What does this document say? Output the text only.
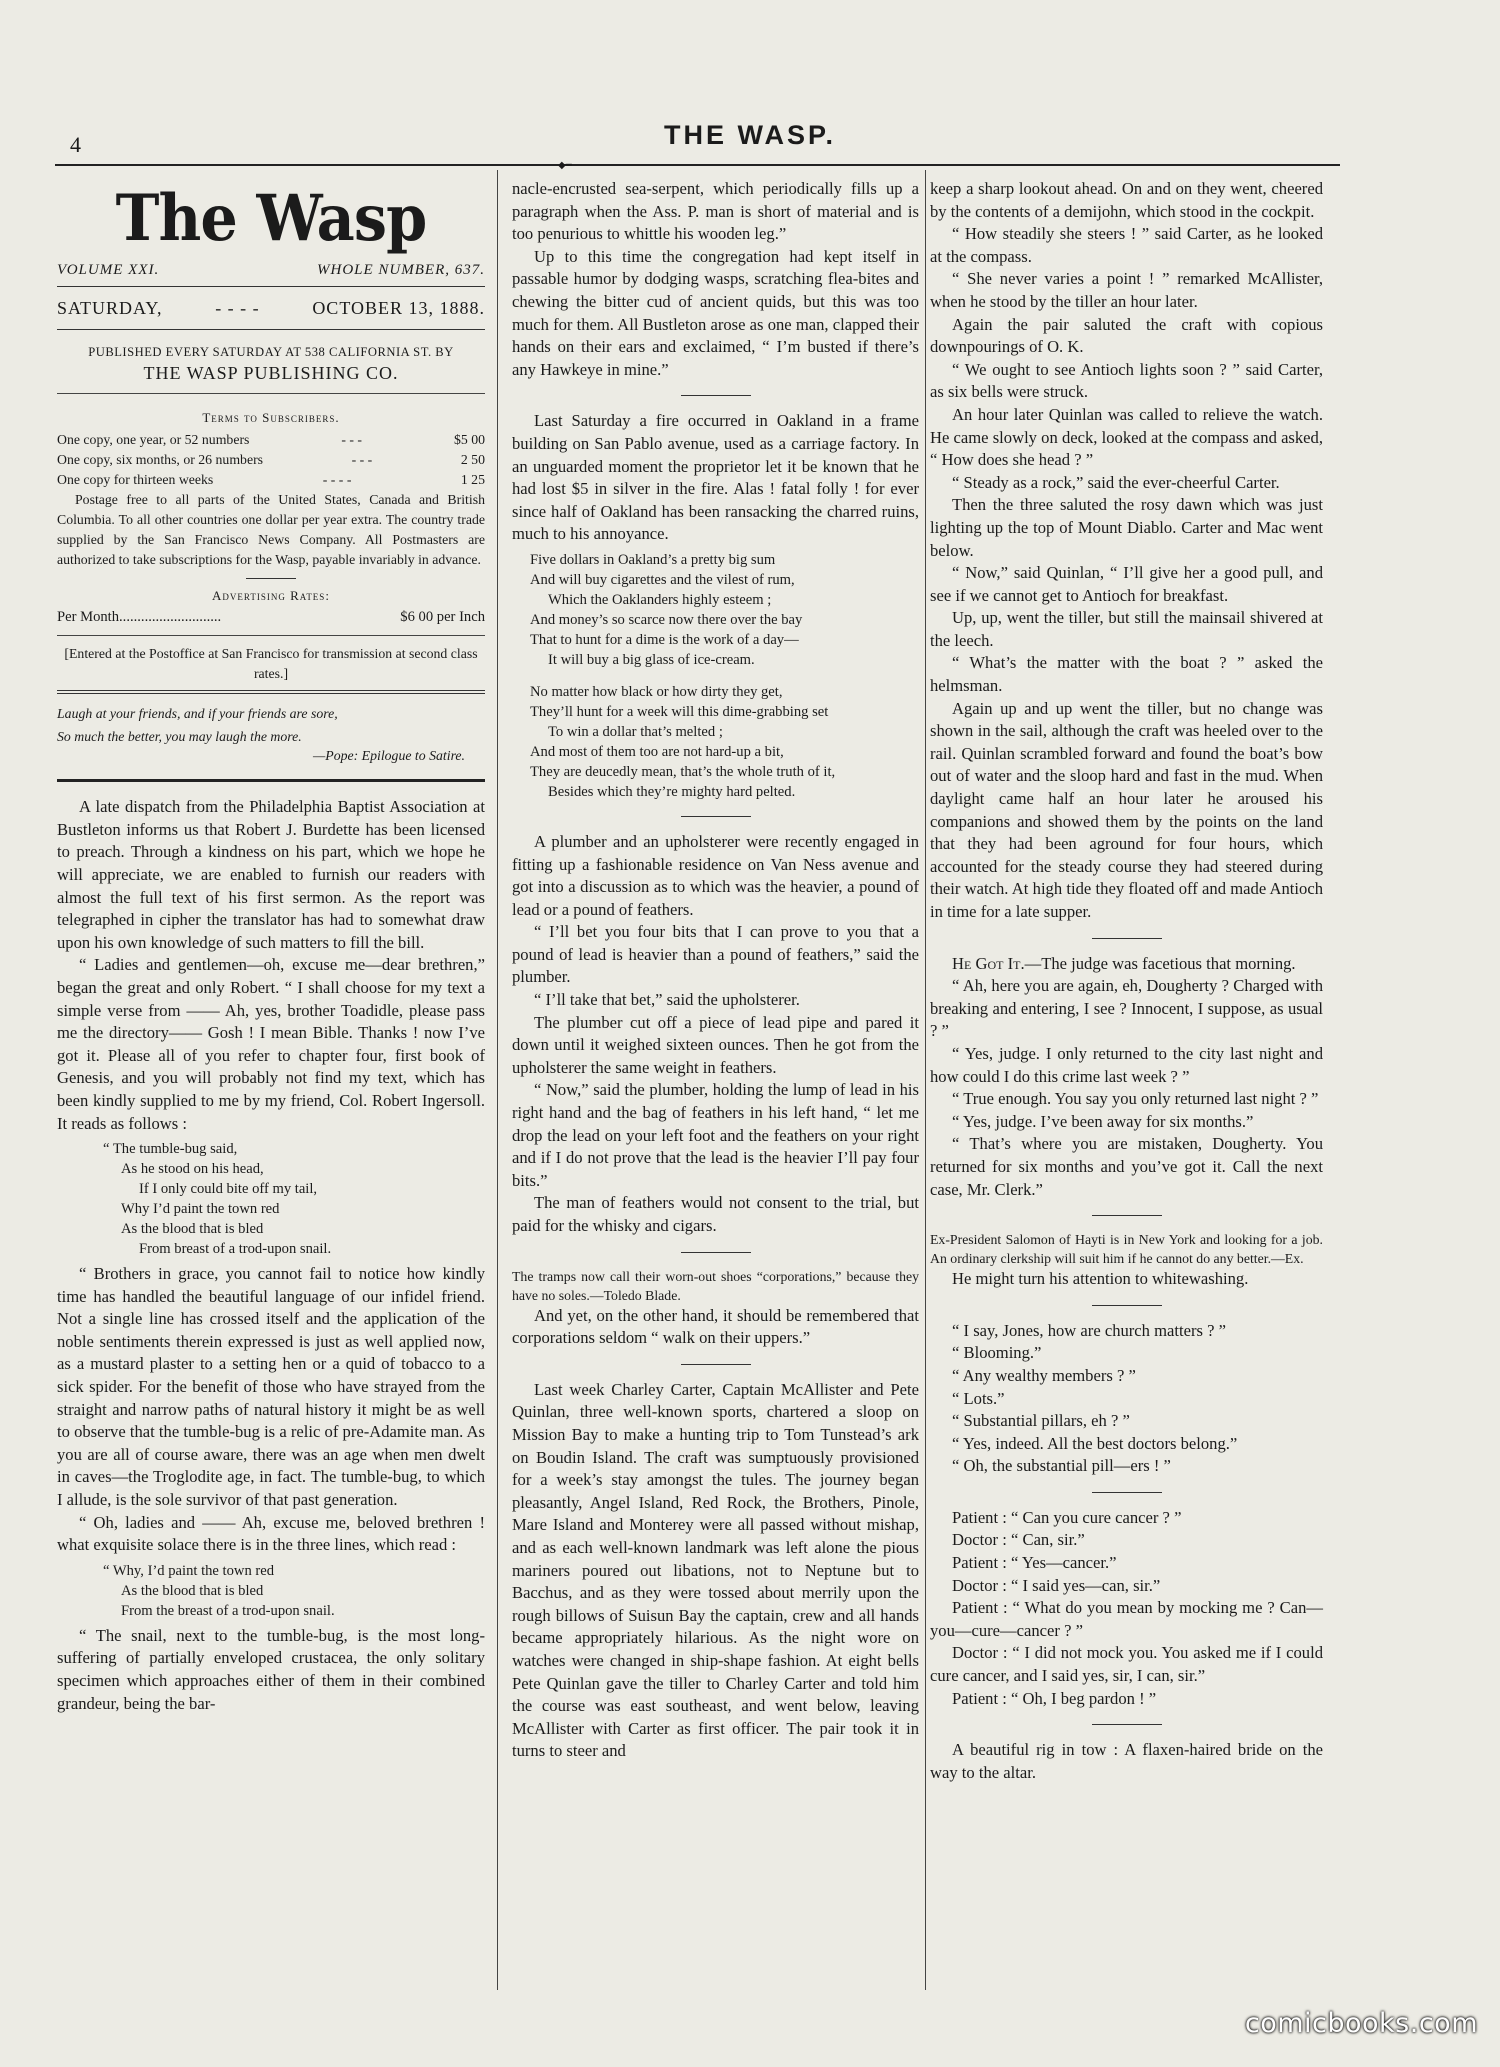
4	THE WASP.
◆━
The Wasp
VOLUME XXI.	WHOLE NUMBER, 637.
SATURDAY,	- - - -	OCTOBER 13, 1888.
PUBLISHED EVERY SATURDAY AT 538 CALIFORNIA ST. BY
THE WASP PUBLISHING CO.
Terms to Subscribers.
One copy, one year, or 52 numbers	- - -	$5 00
One copy, six months, or 26 numbers	- - -	2 50
One copy for thirteen weeks	- - - -	1 25
Postage free to all parts of the United States, Canada and British Columbia. To all other countries one dollar per year extra. The country trade supplied by the San Francisco News Company. All Postmasters are authorized to take subscriptions for the Wasp, payable invariably in advance.
Advertising Rates:
Per Month............................	$6 00 per Inch
[Entered at the Postoffice at San Francisco for transmission at second class rates.]
Laugh at your friends, and if your friends are sore,
So much the better, you may laugh the more.
—Pope: Epilogue to Satire.

A late dispatch from the Philadelphia Baptist Association at Bustleton informs us that Robert J. Burdette has been licensed to preach. Through a kindness on his part, which we hope he will appreciate, we are enabled to furnish our readers with almost the full text of his first sermon. As the report was telegraphed in cipher the translator has had to somewhat draw upon his own knowledge of such matters to fill the bill.

“ Ladies and gentlemen—oh, excuse me—dear brethren,” began the great and only Robert. “ I shall choose for my text a simple verse from —— Ah, yes, brother Toadidle, please pass me the directory—— Gosh ! I mean Bible. Thanks ! now I’ve got it. Please all of you refer to chapter four, first book of Genesis, and you will probably not find my text, which has been kindly supplied to me by my friend, Col. Robert Ingersoll. It reads as follows :

“ The tumble-bug said,
As he stood on his head,
If I only could bite off my tail,
Why I’d paint the town red
As the blood that is bled
From breast of a trod-upon snail.

“ Brothers in grace, you cannot fail to notice how kindly time has handled the beautiful language of our infidel friend. Not a single line has crossed itself and the application of the noble sentiments therein expressed is just as well applied now, as a mustard plaster to a setting hen or a quid of tobacco to a sick spider. For the benefit of those who have strayed from the straight and narrow paths of natural history it might be as well to observe that the tumble-bug is a relic of pre-Adamite man. As you are all of course aware, there was an age when men dwelt in caves—the Troglodite age, in fact. The tumble-bug, to which I allude, is the sole survivor of that past generation.

“ Oh, ladies and —— Ah, excuse me, beloved brethren ! what exquisite solace there is in the three lines, which read :

“ Why, I’d paint the town red
As the blood that is bled
From the breast of a trod-upon snail.

“ The snail, next to the tumble-bug, is the most long-suffering of partially enveloped crustacea, the only solitary specimen which approaches either of them in their combined grandeur, being the bar-

nacle-encrusted sea-serpent, which periodically fills up a paragraph when the Ass. P. man is short of material and is too penurious to whittle his wooden leg.”

Up to this time the congregation had kept itself in passable humor by dodging wasps, scratching flea-bites and chewing the bitter cud of ancient quids, but this was too much for them. All Bustleton arose as one man, clapped their hands on their ears and exclaimed, “ I’m busted if there’s any Hawkeye in mine.”

Last Saturday a fire occurred in Oakland in a frame building on San Pablo avenue, used as a carriage factory. In an unguarded moment the proprietor let it be known that he had lost $5 in silver in the fire. Alas ! fatal folly ! for ever since half of Oakland has been ransacking the charred ruins, much to his annoyance.

Five dollars in Oakland’s a pretty big sum
And will buy cigarettes and the vilest of rum,
Which the Oaklanders highly esteem ;
And money’s so scarce now there over the bay
That to hunt for a dime is the work of a day—
It will buy a big glass of ice-cream.
No matter how black or how dirty they get,
They’ll hunt for a week will this dime-grabbing set
To win a dollar that’s melted ;
And most of them too are not hard-up a bit,
They are deucedly mean, that’s the whole truth of it,
Besides which they’re mighty hard pelted.

A plumber and an upholsterer were recently engaged in fitting up a fashionable residence on Van Ness avenue and got into a discussion as to which was the heavier, a pound of lead or a pound of feathers.

“ I’ll bet you four bits that I can prove to you that a pound of lead is heavier than a pound of feathers,” said the plumber.

“ I’ll take that bet,” said the upholsterer.

The plumber cut off a piece of lead pipe and pared it down until it weighed sixteen ounces. Then he got from the upholsterer the same weight in feathers.

“ Now,” said the plumber, holding the lump of lead in his right hand and the bag of feathers in his left hand, “ let me drop the lead on your left foot and the feathers on your right and if I do not prove that the lead is the heavier I’ll pay four bits.”

The man of feathers would not consent to the trial, but paid for the whisky and cigars.

The tramps now call their worn-out shoes “corporations,” because they have no soles.—Toledo Blade.

And yet, on the other hand, it should be remembered that corporations seldom “ walk on their uppers.”

Last week Charley Carter, Captain McAllister and Pete Quinlan, three well-known sports, chartered a sloop on Mission Bay to make a hunting trip to Tom Tunstead’s ark on Boudin Island. The craft was sumptuously provisioned for a week’s stay amongst the tules. The journey began pleasantly, Angel Island, Red Rock, the Brothers, Pinole, Mare Island and Monterey were all passed without mishap, and as each well-known landmark was left alone the pious mariners poured out libations, not to Neptune but to Bacchus, and as they were tossed about merrily upon the rough billows of Suisun Bay the captain, crew and all hands became appropriately hilarious. As the night wore on watches were changed in ship-shape fashion. At eight bells Pete Quinlan gave the tiller to Charley Carter and told him the course was east southeast, and went below, leaving McAllister with Carter as first officer. The pair took it in turns to steer and

keep a sharp lookout ahead. On and on they went, cheered by the contents of a demijohn, which stood in the cockpit.

“ How steadily she steers ! ” said Carter, as he looked at the compass.

“ She never varies a point ! ” remarked McAllister, when he stood by the tiller an hour later.

Again the pair saluted the craft with copious downpourings of O. K.

“ We ought to see Antioch lights soon ? ” said Carter, as six bells were struck.

An hour later Quinlan was called to relieve the watch. He came slowly on deck, looked at the compass and asked, “ How does she head ? ”

“ Steady as a rock,” said the ever-cheerful Carter.

Then the three saluted the rosy dawn which was just lighting up the top of Mount Diablo. Carter and Mac went below.

“ Now,” said Quinlan, “ I’ll give her a good pull, and see if we cannot get to Antioch for breakfast.

Up, up, went the tiller, but still the mainsail shivered at the leech.

“ What’s the matter with the boat ? ” asked the helmsman.

Again up and up went the tiller, but no change was shown in the sail, although the craft was heeled over to the rail. Quinlan scrambled forward and found the boat’s bow out of water and the sloop hard and fast in the mud. When daylight came half an hour later he aroused his companions and showed them by the points on the land that they had been aground for four hours, which accounted for the steady course they had steered during their watch. At high tide they floated off and made Antioch in time for a late supper.

He Got It.—The judge was facetious that morning.

“ Ah, here you are again, eh, Dougherty ? Charged with breaking and entering, I see ? Innocent, I suppose, as usual ? ”

“ Yes, judge. I only returned to the city last night and how could I do this crime last week ? ”

“ True enough. You say you only returned last night ? ”

“ Yes, judge. I’ve been away for six months.”

“ That’s where you are mistaken, Dougherty. You returned for six months and you’ve got it. Call the next case, Mr. Clerk.”

Ex-President Salomon of Hayti is in New York and looking for a job. An ordinary clerkship will suit him if he cannot do any better.—Ex.

He might turn his attention to whitewashing.

“ I say, Jones, how are church matters ? ”

“ Blooming.”

“ Any wealthy members ? ”

“ Lots.”

“ Substantial pillars, eh ? ”

“ Yes, indeed. All the best doctors belong.”

“ Oh, the substantial pill—ers ! ”

Patient : “ Can you cure cancer ? ”

Doctor : “ Can, sir.”

Patient : “ Yes—cancer.”

Doctor : “ I said yes—can, sir.”

Patient : “ What do you mean by mocking me ? Can—you—cure—cancer ? ”

Doctor : “ I did not mock you. You asked me if I could cure cancer, and I said yes, sir, I can, sir.”

Patient : “ Oh, I beg pardon ! ”

A beautiful rig in tow : A flaxen-haired bride on the way to the altar.

comicbooks.com
